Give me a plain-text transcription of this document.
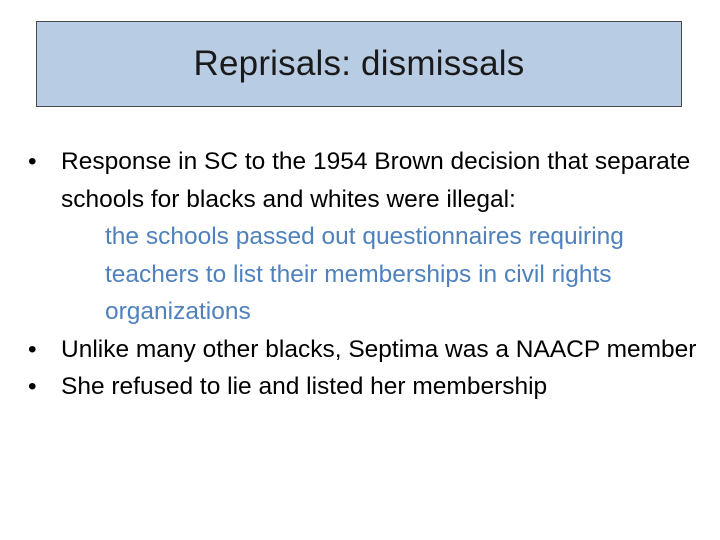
Reprisals: dismissals
• Response in SC to the 1954 Brown decision that separate schools for blacks and whites were illegal:
the schools passed out questionnaires requiring teachers to list their memberships in civil rights organizations
• Unlike many other blacks, Septima was a NAACP member
• She refused to lie and listed her membership
